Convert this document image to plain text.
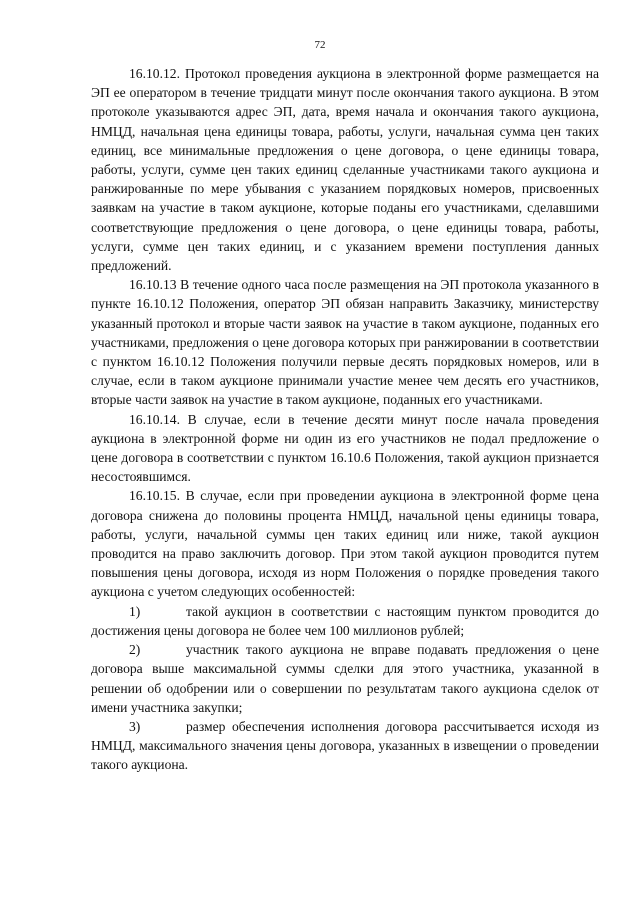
72

16.10.12. Протокол проведения аукциона в электронной форме размещается на ЭП ее оператором в течение тридцати минут после окончания такого аукциона. В этом протоколе указываются адрес ЭП, дата, время начала и окончания такого аукциона, НМЦД, начальная цена единицы товара, работы, услуги, начальная сумма цен таких единиц, все минимальные предложения о цене договора, о цене единицы товара, работы, услуги, сумме цен таких единиц сделанные участниками такого аукциона и ранжированные по мере убывания с указанием порядковых номеров, присвоенных заявкам на участие в таком аукционе, которые поданы его участниками, сделавшими соответствующие предложения о цене договора, о цене единицы товара, работы, услуги, сумме цен таких единиц, и с указанием времени поступления данных предложений.

16.10.13 В течение одного часа после размещения на ЭП протокола указанного в пункте 16.10.12 Положения, оператор ЭП обязан направить Заказчику, министерству указанный протокол и вторые части заявок на участие в таком аукционе, поданных его участниками, предложения о цене договора которых при ранжировании в соответствии с пунктом 16.10.12 Положения получили первые десять порядковых номеров, или в случае, если в таком аукционе принимали участие менее чем десять его участников, вторые части заявок на участие в таком аукционе, поданных его участниками.

16.10.14. В случае, если в течение десяти минут после начала проведения аукциона в электронной форме ни один из его участников не подал предложение о цене договора в соответствии с пунктом 16.10.6 Положения, такой аукцион признается несостоявшимся.

16.10.15. В случае, если при проведении аукциона в электронной форме цена договора снижена до половины процента НМЦД, начальной цены единицы товара, работы, услуги, начальной суммы цен таких единиц или ниже, такой аукцион проводится на право заключить договор. При этом такой аукцион проводится путем повышения цены договора, исходя из норм Положения о порядке проведения такого аукциона с учетом следующих особенностей:

1)	такой аукцион в соответствии с настоящим пунктом проводится до достижения цены договора не более чем 100 миллионов рублей;

2)	участник такого аукциона не вправе подавать предложения о цене договора выше максимальной суммы сделки для этого участника, указанной в решении об одобрении или о совершении по результатам такого аукциона сделок от имени участника закупки;

3)	размер обеспечения исполнения договора рассчитывается исходя из НМЦД, максимального значения цены договора, указанных в извещении о проведении такого аукциона.
